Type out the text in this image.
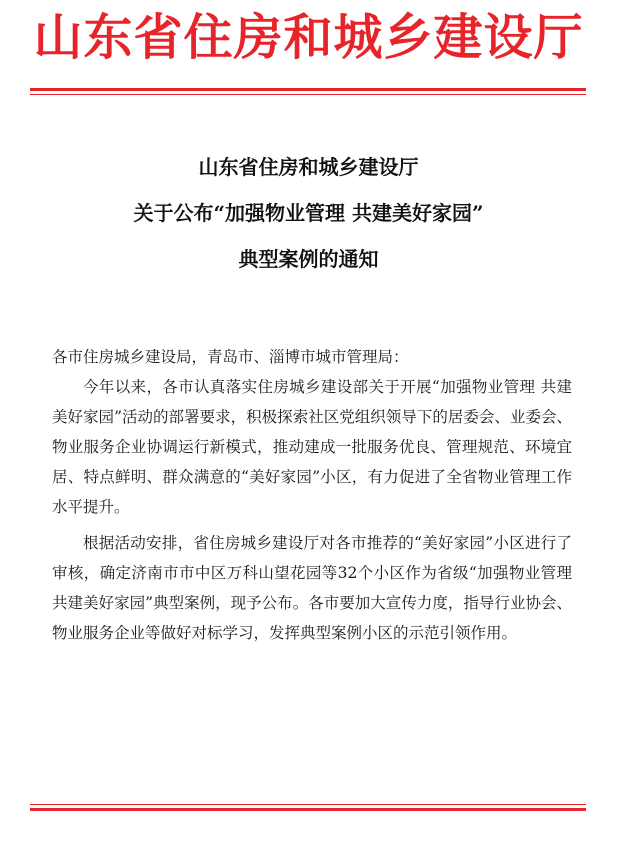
山东省住房和城乡建设厅
山东省住房和城乡建设厅
关于公布“加强物业管理 共建美好家园”
典型案例的通知
各市住房城乡建设局，青岛市、淄博市城市管理局：

今年以来，各市认真落实住房城乡建设部关于开展“加强物业管理 共建美好家园”活动的部署要求，积极探索社区党组织领导下的居委会、业委会、物业服务企业协调运行新模式，推动建成一批服务优良、管理规范、环境宜居、特点鲜明、群众满意的“美好家园”小区，有力促进了全省物业管理工作水平提升。

根据活动安排，省住房城乡建设厅对各市推荐的“美好家园”小区进行了审核，确定济南市市中区万科山望花园等32个小区作为省级“加强物业管理 共建美好家园”典型案例，现予公布。各市要加大宣传力度，指导行业协会、物业服务企业等做好对标学习，发挥典型案例小区的示范引领作用。
